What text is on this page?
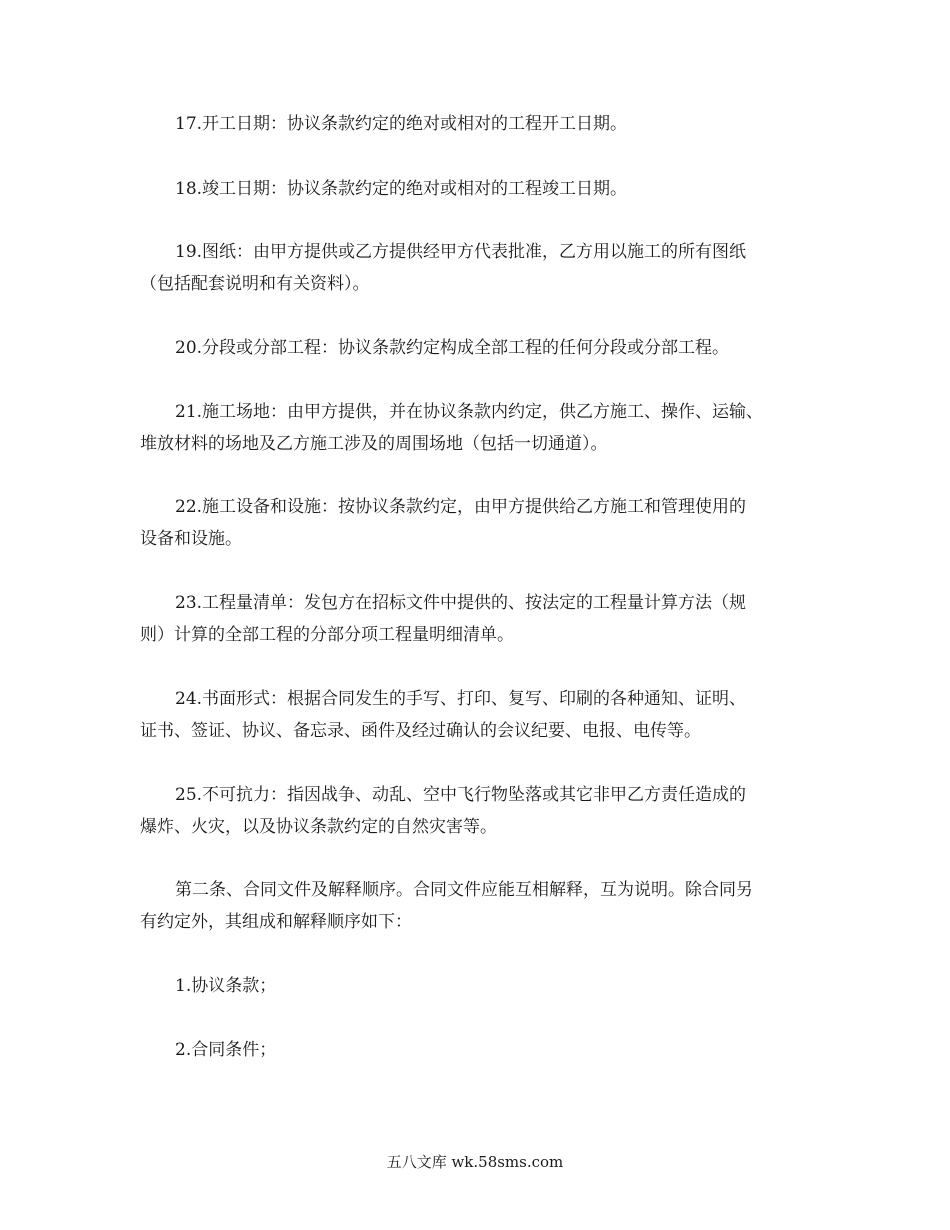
17.开工日期：协议条款约定的绝对或相对的工程开工日期。

18.竣工日期：协议条款约定的绝对或相对的工程竣工日期。

19.图纸：由甲方提供或乙方提供经甲方代表批准，乙方用以施工的所有图纸
（包括配套说明和有关资料）。

20.分段或分部工程：协议条款约定构成全部工程的任何分段或分部工程。

21.施工场地：由甲方提供，并在协议条款内约定，供乙方施工、操作、运输、
堆放材料的场地及乙方施工涉及的周围场地（包括一切通道）。

22.施工设备和设施：按协议条款约定，由甲方提供给乙方施工和管理使用的
设备和设施。

23.工程量清单：发包方在招标文件中提供的、按法定的工程量计算方法（规
则）计算的全部工程的分部分项工程量明细清单。

24.书面形式：根据合同发生的手写、打印、复写、印刷的各种通知、证明、
证书、签证、协议、备忘录、函件及经过确认的会议纪要、电报、电传等。

25.不可抗力：指因战争、动乱、空中飞行物坠落或其它非甲乙方责任造成的
爆炸、火灾，以及协议条款约定的自然灾害等。

第二条、合同文件及解释顺序。合同文件应能互相解释，互为说明。除合同另
有约定外，其组成和解释顺序如下：

1.协议条款；

2.合同条件；

五八文库 wk.58sms.com
